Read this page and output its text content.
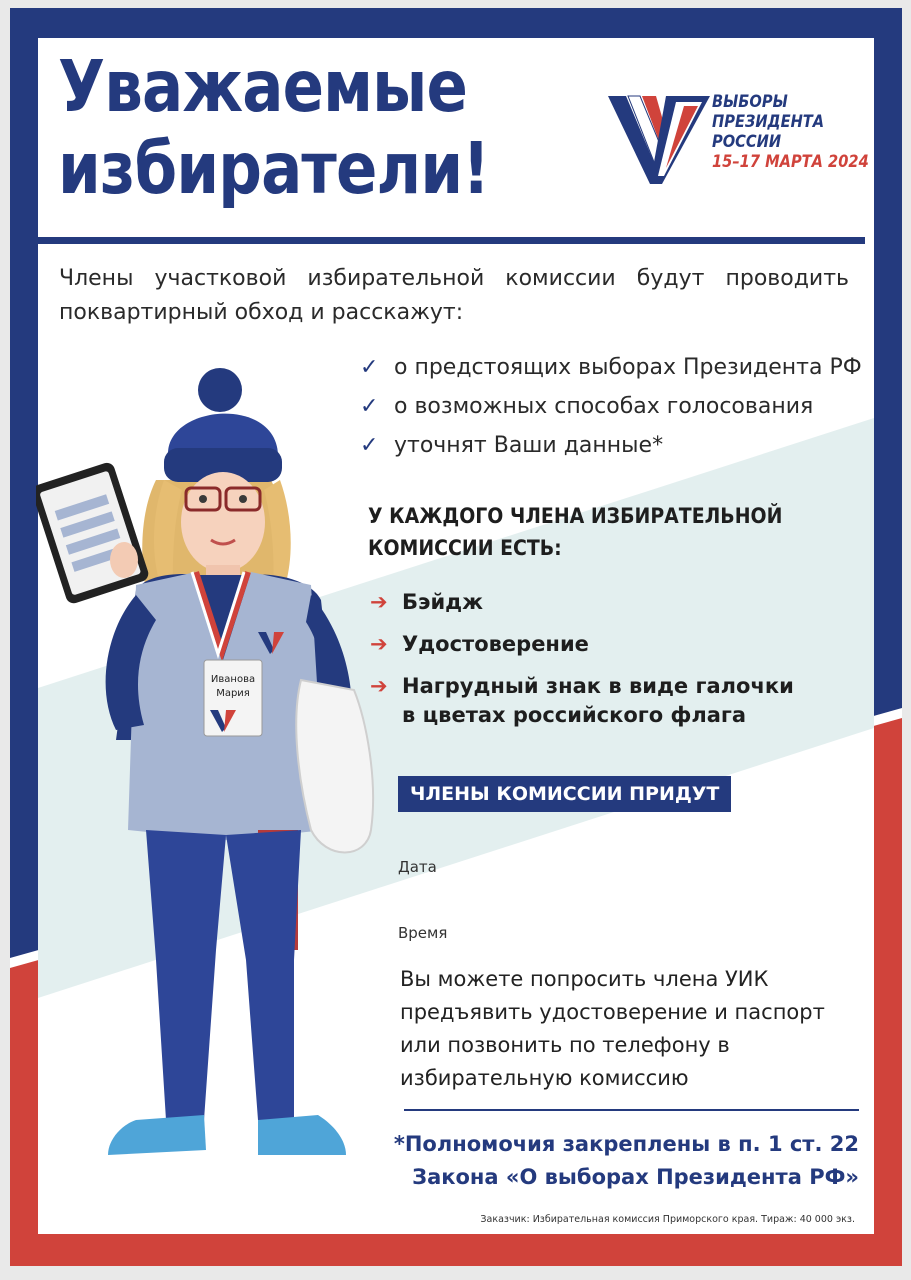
Уважаемые
избиратели!
ВЫБОРЫ
ПРЕЗИДЕНТА
РОССИИ
15–17 МАРТА 2024
Члены участковой избирательной комиссии будут проводить поквартирный обход и расскажут:
✓ о предстоящих выборах Президента РФ
✓ о возможных способах голосования
✓ уточнят Ваши данные*
У КАЖДОГО ЧЛЕНА ИЗБИРАТЕЛЬНОЙ
КОМИССИИ ЕСТЬ:
➔ Бэйдж
➔ Удостоверение
➔ Нагрудный знак в виде галочки
в цветах российского флага
ЧЛЕНЫ КОМИССИИ ПРИДУТ
Дата
Время
Вы можете попросить члена УИК предъявить удостоверение и паспорт или позвонить по телефону в избирательную комиссию
*Полномочия закреплены в п. 1 ст. 22
Закона «О выборах Президента РФ»
Заказчик: Избирательная комиссия Приморского края. Тираж: 40 000 экз.
Иванова
Мария
